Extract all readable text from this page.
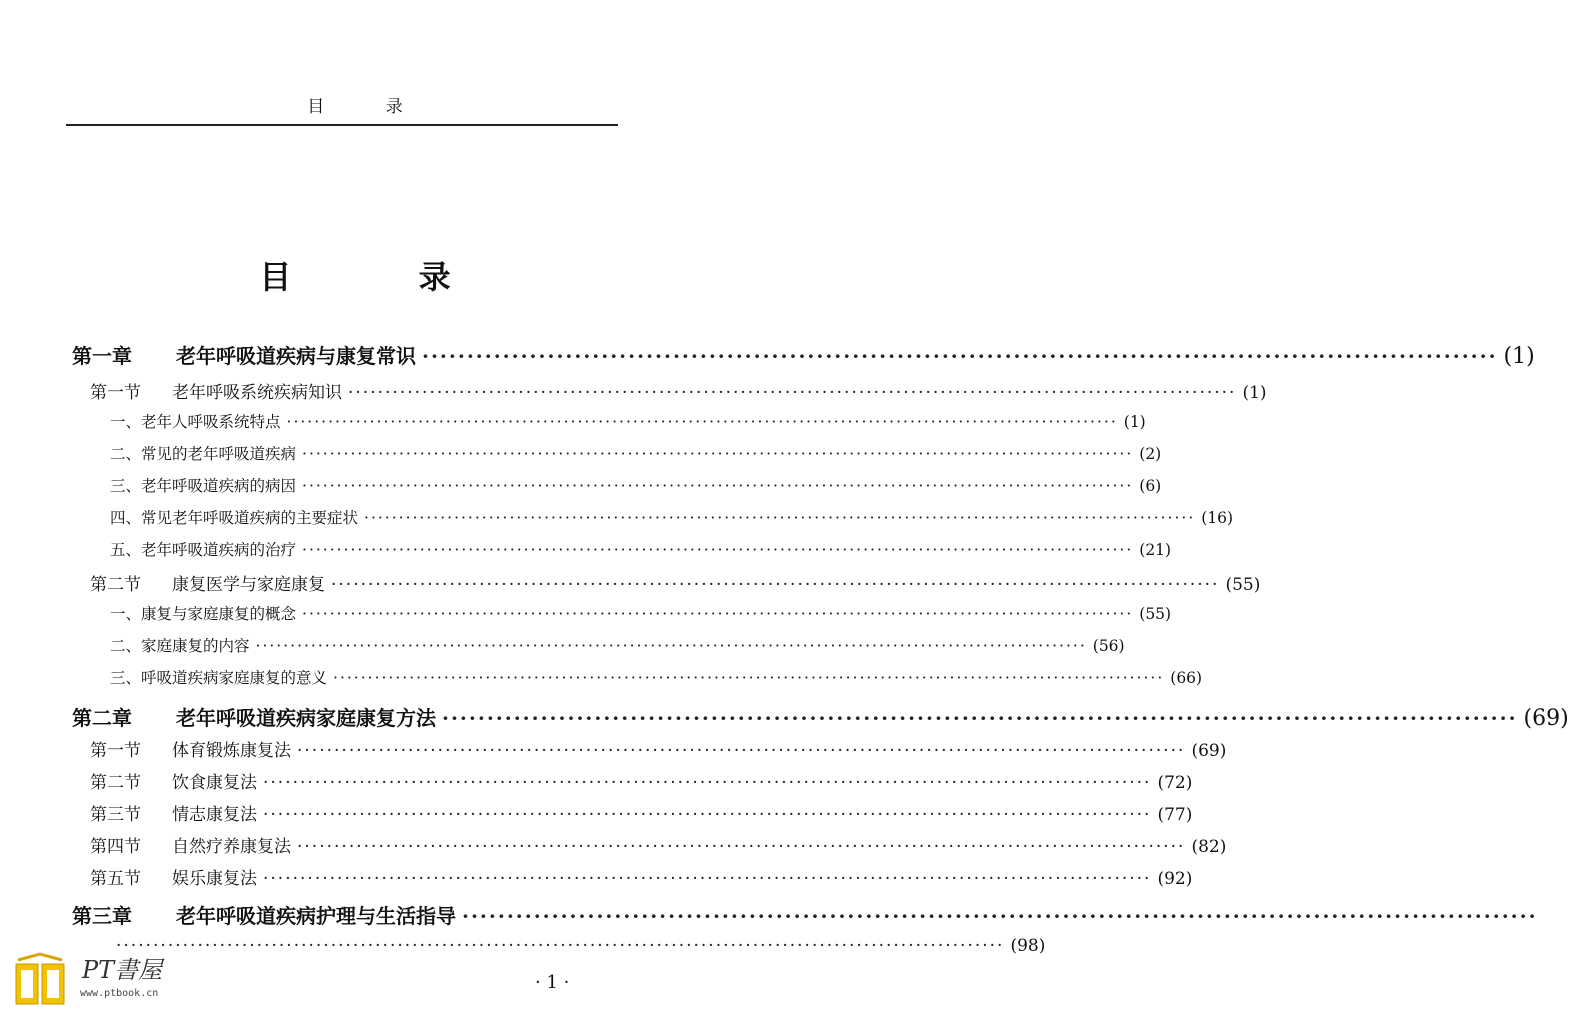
目 录
目 录
第一章 老年呼吸道疾病与康复常识 ························································································································ (1)
第一节 老年呼吸系统疾病知识 ························································································································ (1)
一、老年人呼吸系统特点 ························································································································ (1)
二、常见的老年呼吸道疾病 ························································································································ (2)
三、老年呼吸道疾病的病因 ························································································································ (6)
四、常见老年呼吸道疾病的主要症状 ························································································································ (16)
五、老年呼吸道疾病的治疗 ························································································································ (21)
第二节 康复医学与家庭康复 ························································································································ (55)
一、康复与家庭康复的概念 ························································································································ (55)
二、家庭康复的内容 ························································································································ (56)
三、呼吸道疾病家庭康复的意义 ························································································································ (66)
第二章 老年呼吸道疾病家庭康复方法 ························································································································ (69)
第一节 体育锻炼康复法 ························································································································ (69)
第二节 饮食康复法 ························································································································ (72)
第三节 情志康复法 ························································································································ (77)
第四节 自然疗养康复法 ························································································································ (82)
第五节 娱乐康复法 ························································································································ (92)
第三章 老年呼吸道疾病护理与生活指导 ························································································································
························································································································ (98)
· 1 ·
PT書屋
www.ptbook.cn
